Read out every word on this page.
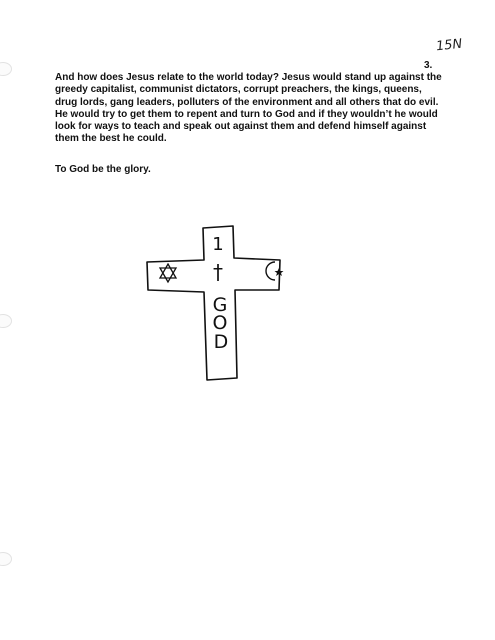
15N
3.

And how does Jesus relate to the world today? Jesus would stand up against the greedy capitalist, communist dictators, corrupt preachers, the kings, queens, drug lords, gang leaders, polluters of the environment and all others that do evil. He would try to get them to repent and turn to God and if they wouldn’t he would look for ways to teach and speak out against them and defend himself against them the best he could.

To God be the glory.

1
†
G
O
D
